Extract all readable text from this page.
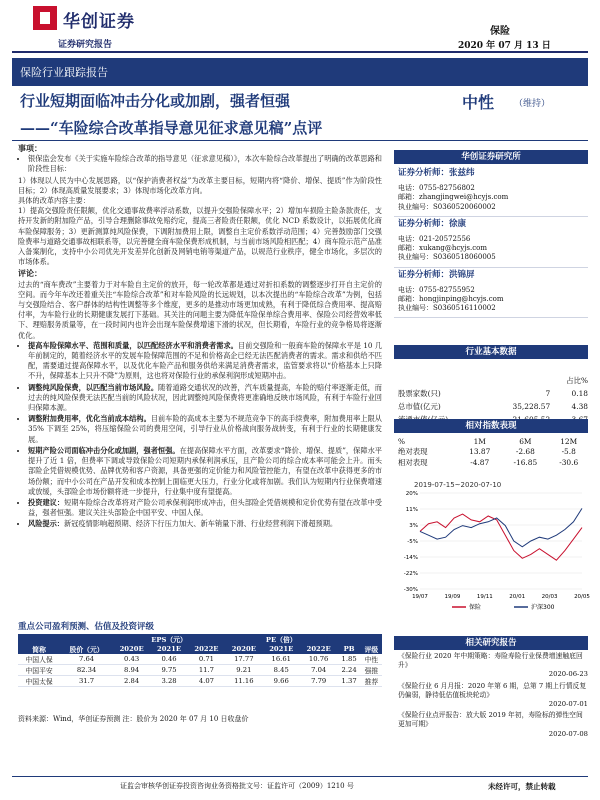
华创证券
证券研究报告
保险
2020 年 07 月 13 日
保险行业跟踪报告
行业短期面临冲击分化或加剧，强者恒强
——“车险综合改革指导意见征求意见稿”点评
中性 （维持）
事项：
• 银保监会发布《关于实施车险综合改革的指导意见（征求意见稿）》，本次车险综合改革提出了明确的改革思路和阶段性目标：

1）体现以人民为中心发展思路，以“保护消费者权益”为改革主要目标，短期内将“降价、增保、提质”作为阶段性目标；2）体现高质量发展要求；3）体现市场化改革方向。

具体的改革内容主要：

1）提高交强险责任限额，优化交通事故费率浮动系数，以提升交强险保障水平；2）增加车损险主险条款责任，支持开发新的附加险产品，引导合理删除事故免赔约定，提高三者险责任限额，优化 NCD 系数设计，以拓展优化商车险保障服务；3）更新测算纯风险保费，下调附加费用上限，调整自主定价系数浮动范围；4）完善鼓励部门交强险费率与道路交通事故相联系等，以完善健全商车险保费形成机制，与当前市场风险相匹配；4）商车险示范产品准入备案制化，支持中小公司优先开发差异化创新及网销电销等渠道产品，以规范行业秩序，健全市场化，多层次的市场体系。

评论：

过去的“商车费改”主要着力于对车险自主定价的放开，每一轮改革都是通过对折扣系数的调整逐步打开自主定价的空间。而今年车改还着重关注“车险综合改革”和对车险风险的长远规划，以本次提出的“车险综合改革”为例，包括与交强险结合、客户群体的结构性调整等多个维度，更多的是推动市场更加成熟，有利于降低综合费用率、提高赔付率，为车险行业的长期健康发展打下基础。其关注的问题主要为降低车险保单综合费用率、保险公司经营效率低下、理赔服务质量等，在一段时间内也许会出现车险保费增速下滑的状况，但长期看，车险行业的竞争格局将逐渐优化。

• 提高车险保障水平、范围和质量，以匹配经济水平和消费者需求。目前交强险和一般商车险的保障水平是 10 几年前制定的，随着经济水平的发展车险保障范围的不足和价格高企已经无法匹配消费者的需求。需求和供给不匹配，需要通过提高保障水平，以及优化车险产品和服务供给来满足消费者需求，监管要求将以“价格基本上只降不升，保障基本上只升不降”为原则，这也将对保险行业的承保利润形成短期冲击。
• 调整纯风险保费，以匹配当前市场风险。随着道路交通状况的改善，汽车质量提高，车险的赔付率逐渐走低，而过去的纯风险保费无法匹配当前的风险状况，因此调整纯风险保费将更准确地反映市场风险，有利于车险行业回归保障本源。
• 调整附加费用率，优化当前成本结构。目前车险的高成本主要为不规范竞争下的高手续费率，附加费用率上限从 35% 下调至 25%，将压缩保险公司的费用空间，引导行业从价格战向服务战转变，有利于行业的长期健康发展。
• 短期产险公司面临冲击分化或加剧，强者恒强。在提高保障水平方面，改革要求“降价、增保、提质”，保障水平提升了近 1 倍，但费率下调或导致保险公司短期内承保利润承压，且产险公司的综合成本率可能会上升。而头部险企凭借规模优势、品牌优势和客户资源，具备更强的定价能力和风险管控能力，有望在改革中获得更多的市场份额；而中小公司在产品开发和成本控制上面临更大压力，行业分化或将加剧。我们认为短期内行业保费增速或放缓，头部险企市场份额将进一步提升，行业集中度有望提高。
• 投资建议：短期车险综合改革将对产险公司承保利润形成冲击，但头部险企凭借规模和定价优势有望在改革中受益，强者恒强。建议关注头部险企中国平安、中国人保。
• 风险提示：新冠疫情影响超预期、经济下行压力加大、新车销量下滑、行业经营利润下滑超预期。
华创证券研究所
证券分析师：张兹纬
电话：0755-82756802
邮箱：zhangjingwei@hcyjs.com
执业编号：S0360520060002
证券分析师：徐康
电话：021-20572556
邮箱：xukang@hcyjs.com
执业编号：S0360518060005
证券分析师：洪锦屏
电话：0755-82755952
邮箱：hongjinping@hcyjs.com
执业编号：S0360516110002
行业基本数据
		占比%
股票家数(只)	7	0.18
总市值(亿元)	35,228.57	4.38

相对指数表现
%	1M	6M	12M
绝对表现	13.87	-2.68	-5.8
相对表现	-4.87	-16.85	-30.6
2019-07-15~2020-07-10
20%
11%
3%
-5%
-14%
-22%
-30%
19/07	19/09	19/11	20/01	20/03	20/05
保险	沪深300
相关研究报告
《保险行业 2020 年中期策略：寿险寿险行业保费增速触底回升》
2020-06-23
《保险行业 6 月月报：2020 年第 6 期，总第 7 期上行情反复仍偏弱，静待低估值板块轮动》
2020-07-01
《保险行业点评报告：放大版 2019 年初，寿险标的弹性空间更加可期》
2020-07-08
重点公司盈利预测、估值及投资评级
		EPS（元）			PE（倍）				
简称	股价（元）	2020E	2021E	2022E	2020E	2021E	2022E	PB	评级
中国人保	7.64	0.43	0.46	0.71	17.77	16.61	10.76	1.85	中性
中国平安	82.34	8.94	9.75	11.7	9.21	8.45	7.04	2.24	强推
中国太保	31.7	2.84	3.28	4.07	11.16	9.66	7.79	1.37	推荐
资料来源：Wind，华创证券预测 注：股价为 2020 年 07 月 10 日收盘价
证监会审核华创证券投资咨询业务资格批文号：证监许可（2009）1210 号	未经许可，禁止转载
